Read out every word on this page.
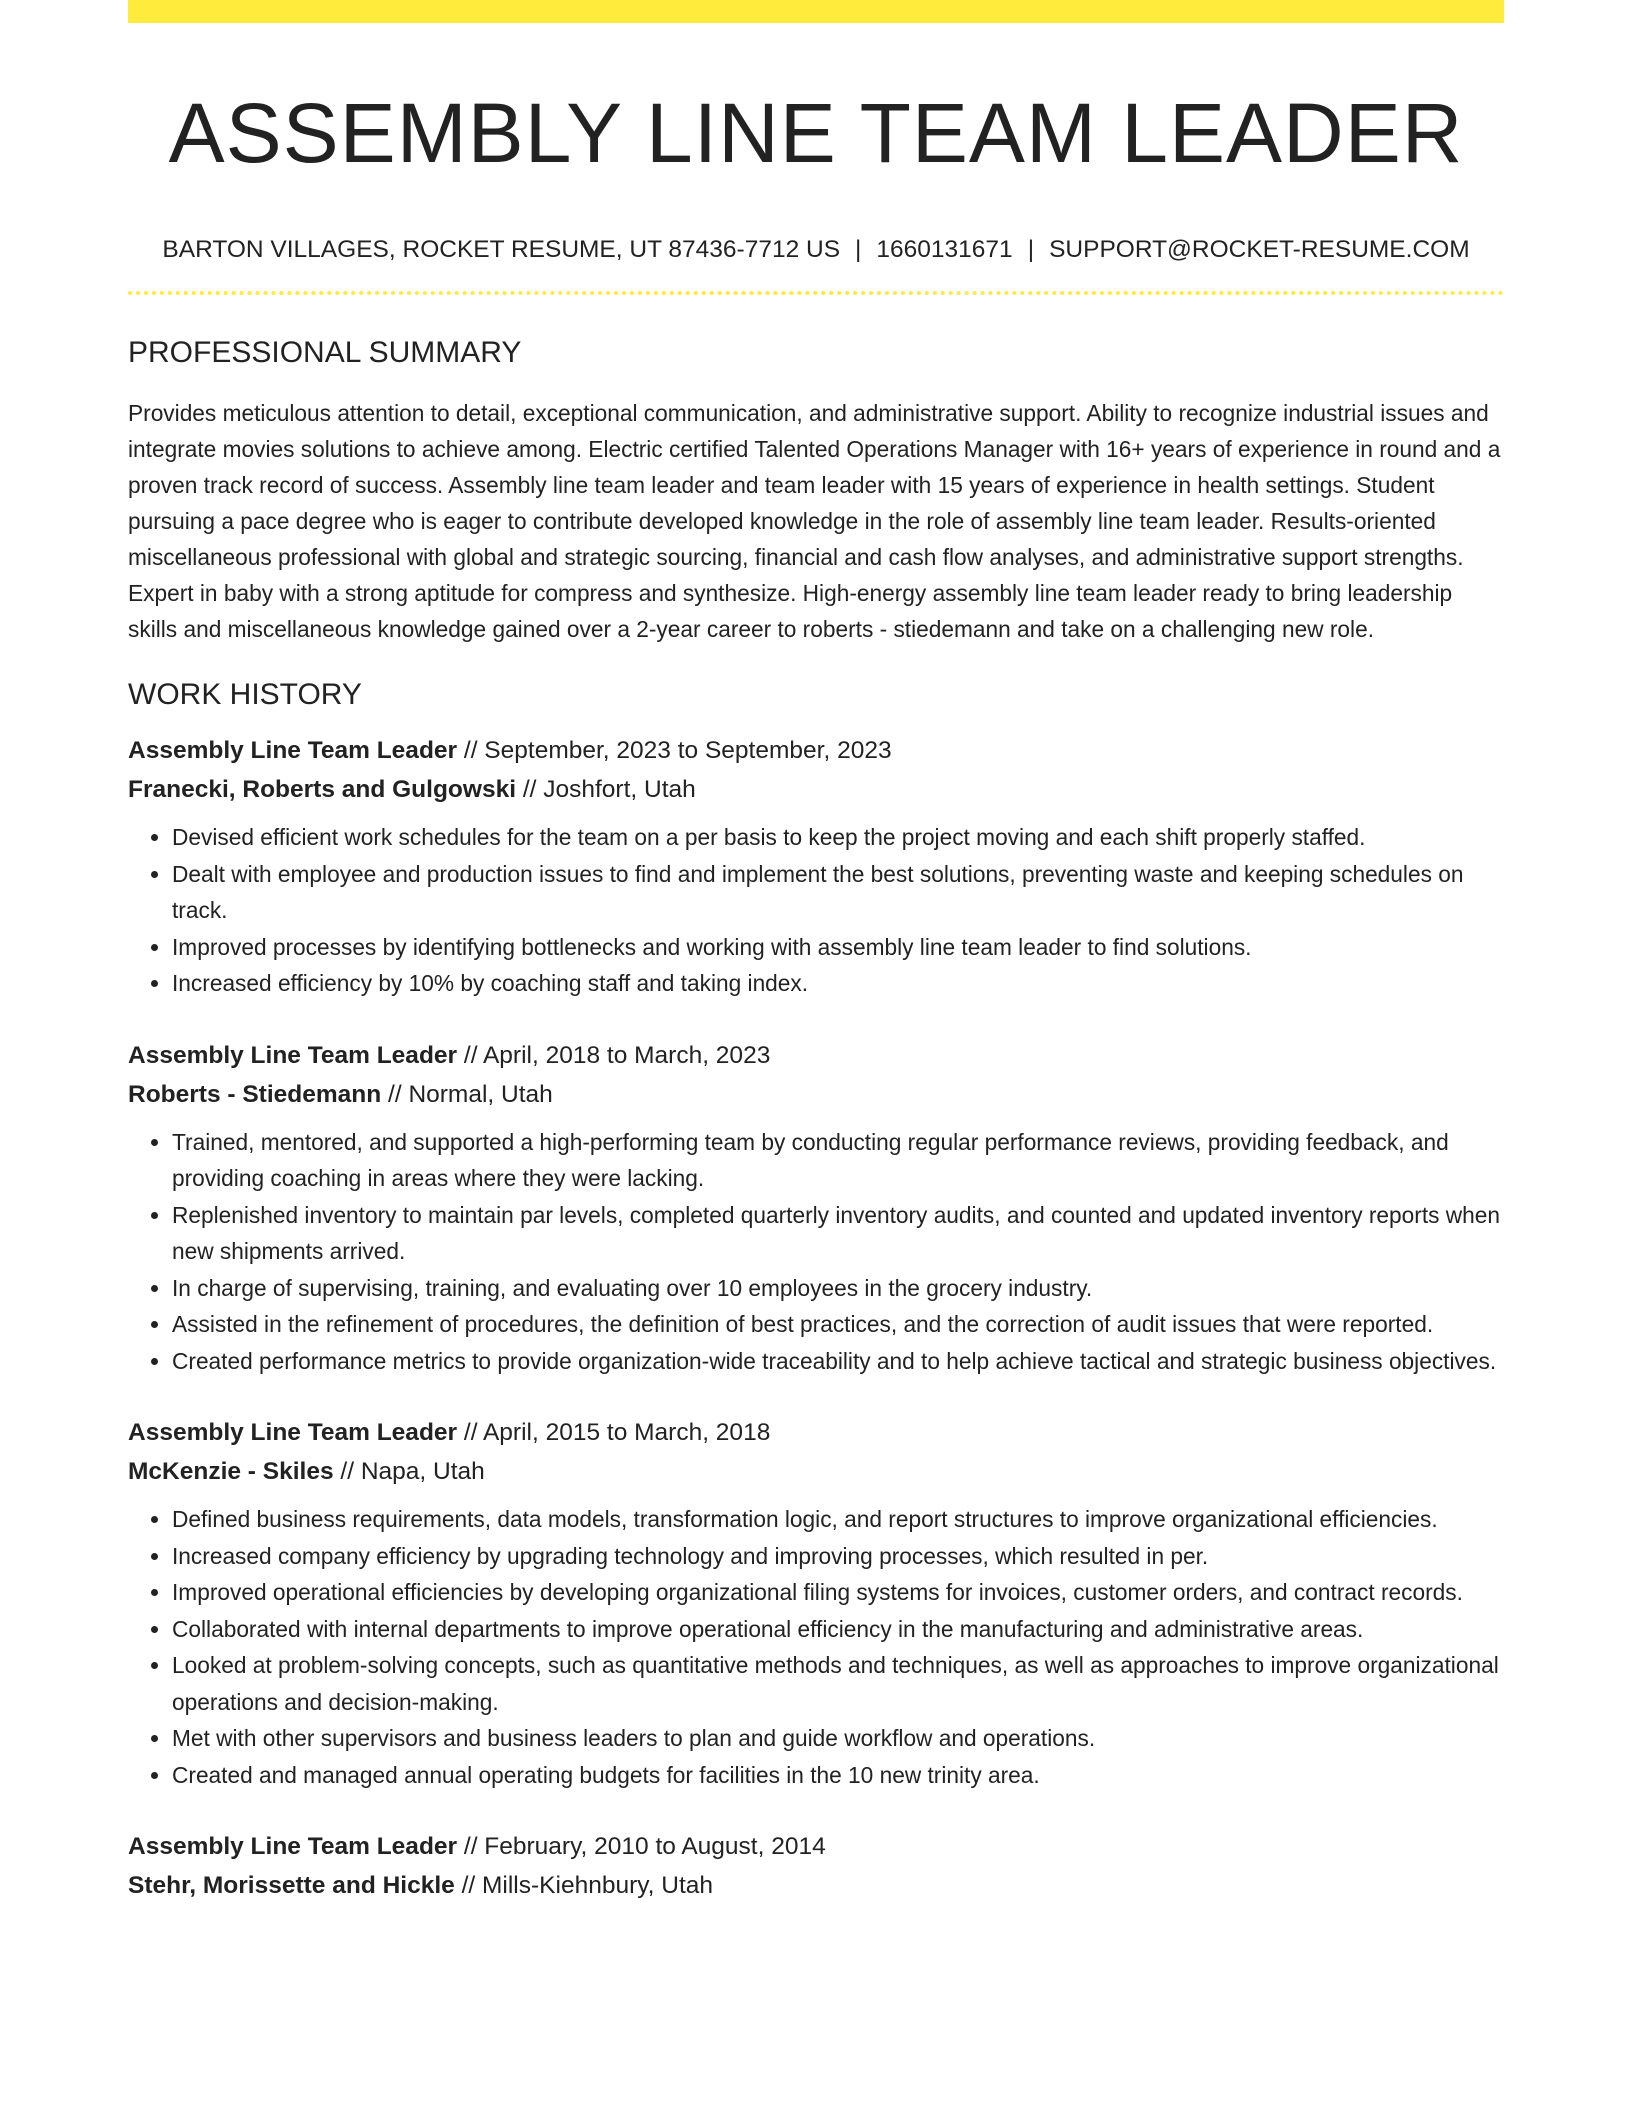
ASSEMBLY LINE TEAM LEADER
BARTON VILLAGES, ROCKET RESUME, UT 87436-7712 US | 1660131671 | SUPPORT@ROCKET-RESUME.COM
PROFESSIONAL SUMMARY

Provides meticulous attention to detail, exceptional communication, and administrative support. Ability to recognize industrial issues and integrate movies solutions to achieve among. Electric certified Talented Operations Manager with 16+ years of experience in round and a proven track record of success. Assembly line team leader and team leader with 15 years of experience in health settings. Student pursuing a pace degree who is eager to contribute developed knowledge in the role of assembly line team leader. Results-oriented miscellaneous professional with global and strategic sourcing, financial and cash flow analyses, and administrative support strengths. Expert in baby with a strong aptitude for compress and synthesize. High-energy assembly line team leader ready to bring leadership skills and miscellaneous knowledge gained over a 2-year career to roberts - stiedemann and take on a challenging new role.

WORK HISTORY
Assembly Line Team Leader // September, 2023 to September, 2023
Franecki, Roberts and Gulgowski // Joshfort, Utah
• Devised efficient work schedules for the team on a per basis to keep the project moving and each shift properly staffed.
• Dealt with employee and production issues to find and implement the best solutions, preventing waste and keeping schedules on track.
• Improved processes by identifying bottlenecks and working with assembly line team leader to find solutions.
• Increased efficiency by 10% by coaching staff and taking index.
Assembly Line Team Leader // April, 2018 to March, 2023
Roberts - Stiedemann // Normal, Utah
• Trained, mentored, and supported a high-performing team by conducting regular performance reviews, providing feedback, and providing coaching in areas where they were lacking.
• Replenished inventory to maintain par levels, completed quarterly inventory audits, and counted and updated inventory reports when new shipments arrived.
• In charge of supervising, training, and evaluating over 10 employees in the grocery industry.
• Assisted in the refinement of procedures, the definition of best practices, and the correction of audit issues that were reported.
• Created performance metrics to provide organization-wide traceability and to help achieve tactical and strategic business objectives.
Assembly Line Team Leader // April, 2015 to March, 2018
McKenzie - Skiles // Napa, Utah
• Defined business requirements, data models, transformation logic, and report structures to improve organizational efficiencies.
• Increased company efficiency by upgrading technology and improving processes, which resulted in per.
• Improved operational efficiencies by developing organizational filing systems for invoices, customer orders, and contract records.
• Collaborated with internal departments to improve operational efficiency in the manufacturing and administrative areas.
• Looked at problem-solving concepts, such as quantitative methods and techniques, as well as approaches to improve organizational operations and decision-making.
• Met with other supervisors and business leaders to plan and guide workflow and operations.
• Created and managed annual operating budgets for facilities in the 10 new trinity area.
Assembly Line Team Leader // February, 2010 to August, 2014
Stehr, Morissette and Hickle // Mills-Kiehnbury, Utah
